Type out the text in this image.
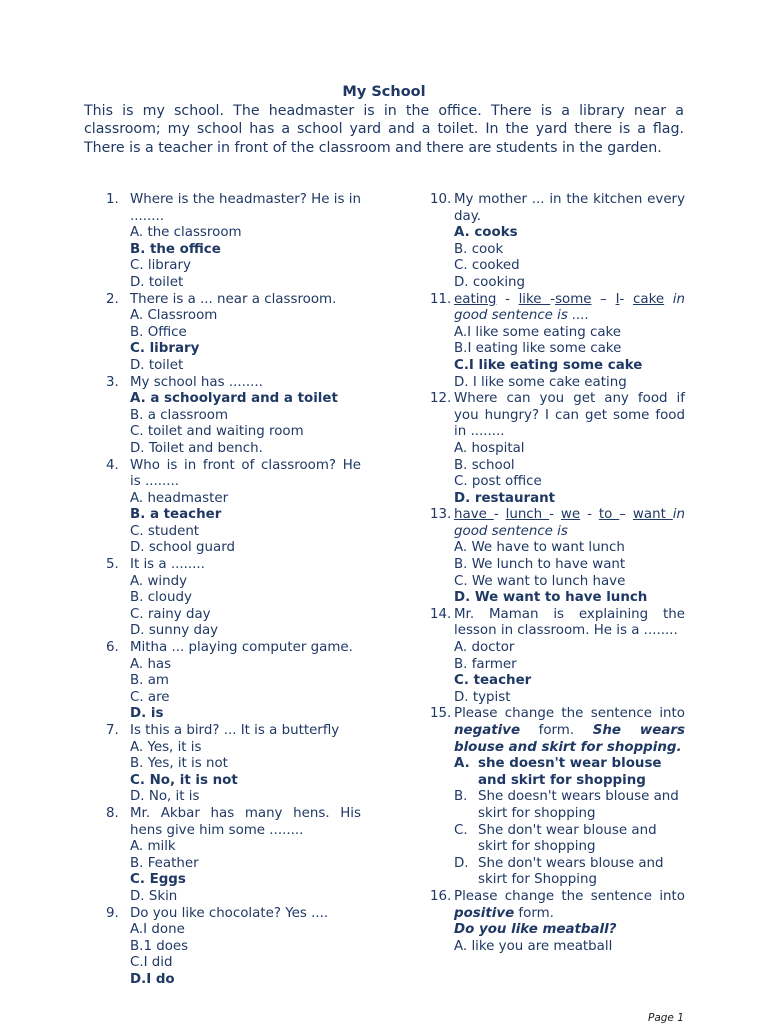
My School
This is my school. The headmaster is in the office. There is a library near a classroom; my school has a school yard and a toilet. In the yard there is a flag. There is a teacher in front of the classroom and there are students in the garden.
1. Where is the headmaster? He is in ........
A. the classroom
B. the office
C. library
D. toilet
2. There is a ... near a classroom.
A. Classroom
B. Office
C. library
D. toilet
3. My school has ........
A. a schoolyard and a toilet
B. a classroom
C. toilet and waiting room
D. Toilet and bench.
4. Who is in front of classroom? He is ........
A. headmaster
B. a teacher
C. student
D. school guard
5. It is a ........
A. windy
B. cloudy
C. rainy day
D. sunny day
6. Mitha ... playing computer game.
A. has
B. am
C. are
D. is
7. Is this a bird? ... It is a butterfly
A. Yes, it is
B. Yes, it is not
C. No, it is not
D. No, it is
8. Mr. Akbar has many hens. His hens give him some ........
A. milk
B. Feather
C. Eggs
D. Skin
9. Do you like chocolate? Yes ....
A.I done
B.1 does
C.I did
D.I do
10. My mother ... in the kitchen every day.
A. cooks
B. cook
C. cooked
D. cooking
11. eating - like -some – I- cake in good sentence is ....
A.I like some eating cake
B.I eating like some cake
C.I like eating some cake
D. I like some cake eating
12. Where can you get any food if you hungry? I can get some food in ........
A. hospital
B. school
C. post office
D. restaurant
13. have - lunch - we - to – want in good sentence is
A. We have to want lunch
B. We lunch to have want
C. We want to lunch have
D. We want to have lunch
14. Mr. Maman is explaining the lesson in classroom. He is a ........
A. doctor
B. farmer
C. teacher
D. typist
15. Please change the sentence into negative form. She wears blouse and skirt for shopping.
A. she doesn't wear blouse and skirt for shopping
B. She doesn't wears blouse and skirt for shopping
C. She don't wear blouse and skirt for shopping
D. She don't wears blouse and skirt for Shopping
16. Please change the sentence into positive form.
Do you like meatball?
A. like you are meatball
Page 1
